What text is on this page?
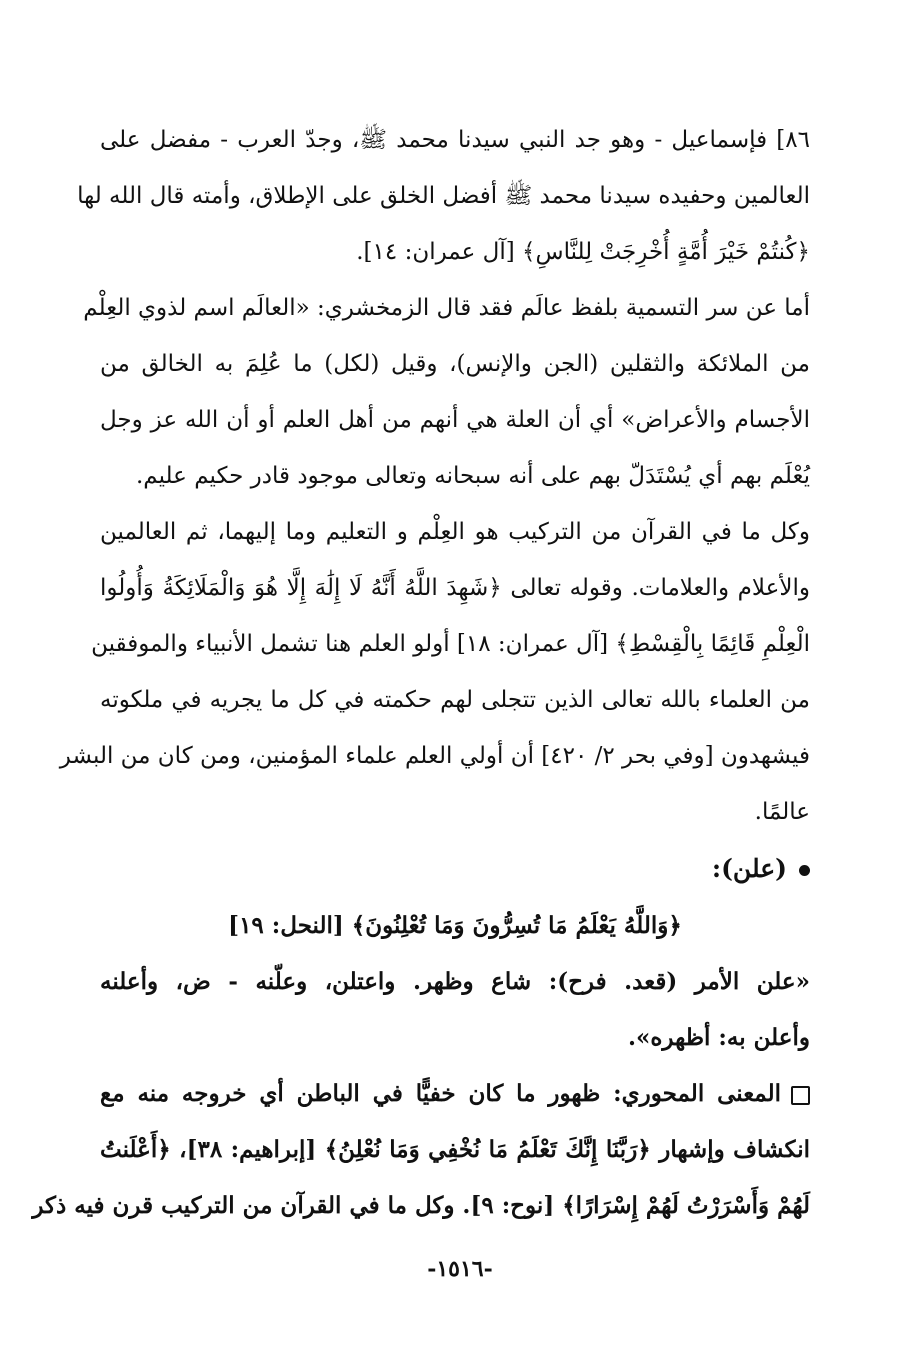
٨٦] فإسماعيل - وهو جد النبي سيدنا محمد ﷺ، وجدّ العرب - مفضل على
العالمين وحفيده سيدنا محمد ﷺ أفضل الخلق على الإطلاق، وأمته قال الله لها
﴿كُنتُمْ خَيْرَ أُمَّةٍ أُخْرِجَتْ لِلنَّاسِ﴾ [آل عمران: ١٤].
أما عن سر التسمية بلفظ عالَم فقد قال الزمخشري: «العالَم اسم لذوي العِلْم
من الملائكة والثقلين (الجن والإنس)، وقيل (لكل) ما عُلِمَ به الخالق من
الأجسام والأعراض» أي أن العلة هي أنهم من أهل العلم أو أن الله عز وجل
يُعْلَم بهم أي يُسْتَدَلّ بهم على أنه سبحانه وتعالى موجود قادر حكيم عليم.
وكل ما في القرآن من التركيب هو العِلْم و التعليم وما إليهما، ثم العالمين
والأعلام والعلامات. وقوله تعالى ﴿شَهِدَ اللَّهُ أَنَّهُ لَا إِلَٰهَ إِلَّا هُوَ وَالْمَلَائِكَةُ وَأُولُوا
الْعِلْمِ قَائِمًا بِالْقِسْطِ﴾ [آل عمران: ١٨] أولو العلم هنا تشمل الأنبياء والموفقين
من العلماء بالله تعالى الذين تتجلى لهم حكمته في كل ما يجريه في ملكوته
فيشهدون [وفي بحر ٢/ ٤٢٠] أن أولي العلم علماء المؤمنين، ومن كان من البشر
عالمًا.
(علن):
﴿وَاللَّهُ يَعْلَمُ مَا تُسِرُّونَ وَمَا تُعْلِنُونَ﴾ [النحل: ١٩]
«علن الأمر (قعد. فرح): شاع وظهر. واعتلن، وعلّنه - ض، وأعلنه
وأعلن به: أظهره».
المعنى المحوري: ظهور ما كان خفيًّا في الباطن أي خروجه منه مع
انكشاف وإشهار ﴿رَبَّنَا إِنَّكَ تَعْلَمُ مَا نُخْفِي وَمَا نُعْلِنُ﴾ [إبراهيم: ٣٨]، ﴿أَعْلَنتُ
لَهُمْ وَأَسْرَرْتُ لَهُمْ إِسْرَارًا﴾ [نوح: ٩]. وكل ما في القرآن من التركيب قرن فيه ذكر
-١٥١٦-
